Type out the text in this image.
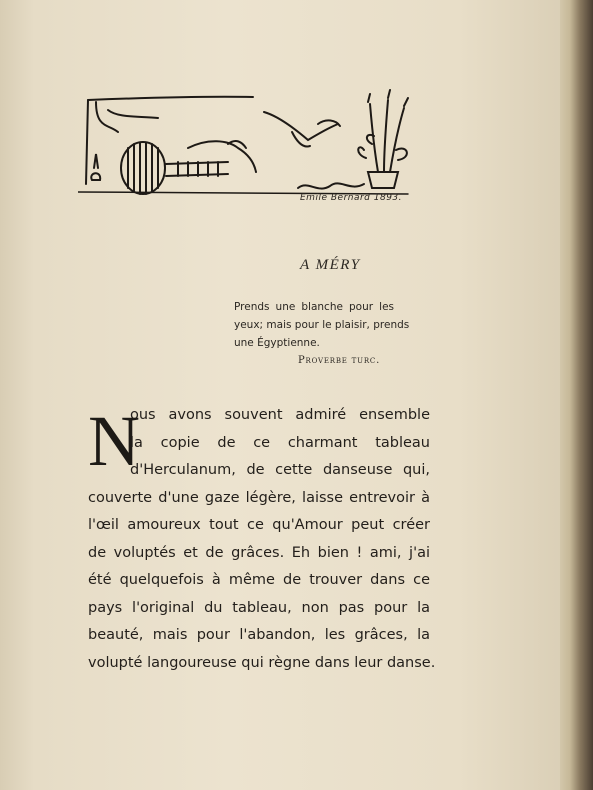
Emile Bernard 1893.
A MÉRY
Prends une blanche pour les
yeux; mais pour le plaisir, prends
une Égyptienne.
Proverbe turc.
N
ous avons souvent admiré ensemble
la copie de ce charmant tableau
d'Herculanum, de cette danseuse qui,
couverte d'une gaze légère, laisse entrevoir à
l'œil amoureux tout ce qu'Amour peut créer
de voluptés et de grâces. Eh bien ! ami, j'ai
été quelquefois à même de trouver dans ce
pays l'original du tableau, non pas pour la
beauté, mais pour l'abandon, les grâces, la
volupté langoureuse qui règne dans leur danse.
